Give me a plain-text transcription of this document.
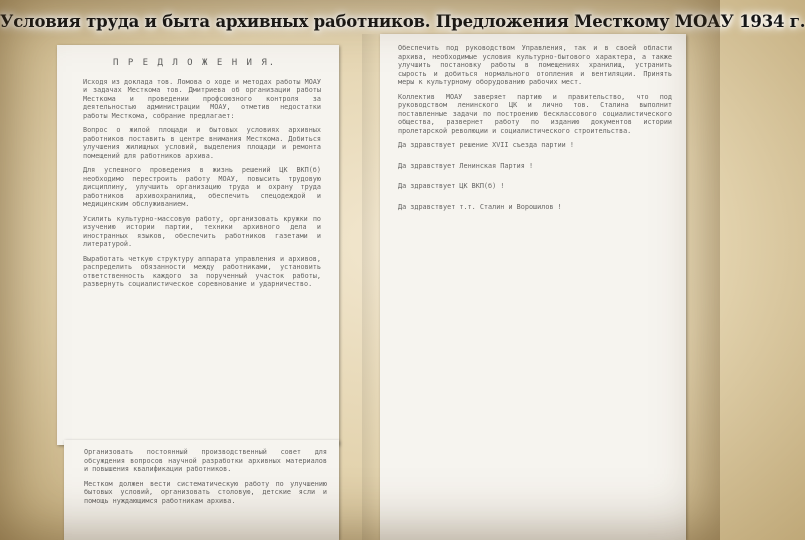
Условия труда и быта архивных работников. Предложения Месткому МОАУ 1934 г.
П Р Е Д Л О Ж Е Н И Я.

Исходя из доклада тов. Ломова о ходе и методах работы МОАУ и задачах Месткома тов. Дмитриева об организации работы Месткома и проведении профсоюзного контроля за деятельностью администрации МОАУ, отметив недостатки работы Месткома, собрание предлагает:

Вопрос о жилой площади и бытовых условиях архивных работников поставить в центре внимания Месткома. Добиться улучшения жилищных условий, выделения площади и ремонта помещений для работников архива.

Для успешного проведения в жизнь решений ЦК ВКП(б) необходимо перестроить работу МОАУ, повысить трудовую дисциплину, улучшить организацию труда и охрану труда работников архивохранилищ, обеспечить спецодеждой и медицинским обслуживанием.

Усилить культурно-массовую работу, организовать кружки по изучению истории партии, техники архивного дела и иностранных языков, обеспечить работников газетами и литературой.

Выработать четкую структуру аппарата управления и архивов, распределить обязанности между работниками, установить ответственность каждого за порученный участок работы, развернуть социалистическое соревнование и ударничество.

Организовать постоянный производственный совет для обсуждения вопросов научной разработки архивных материалов и повышения квалификации работников.

Местком должен вести систематическую работу по улучшению бытовых условий, организовать столовую, детские ясли и помощь нуждающимся работникам архива.

Обеспечить под руководством Управления, так и в своей области архива, необходимые условия культурно-бытового характера, а также улучшить постановку работы в помещениях хранилищ, устранить сырость и добиться нормального отопления и вентиляции. Принять меры к культурному оборудованию рабочих мест.

Коллектив МОАУ заверяет партию и правительство, что под руководством ленинского ЦК и лично тов. Сталина выполнит поставленные задачи по построению бесклассового социалистического общества, развернет работу по изданию документов истории пролетарской революции и социалистического строительства.

Да здравствует решение XVII съезда партии !
Да здравствует Ленинская Партия !
Да здравствует ЦК ВКП(б) !
Да здравствует т.т. Сталин и Ворошилов !
